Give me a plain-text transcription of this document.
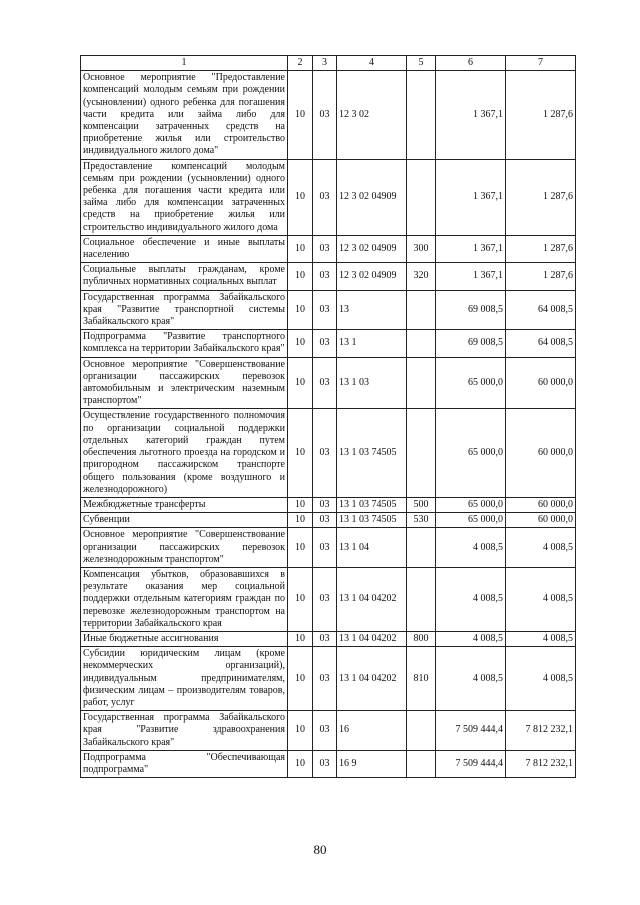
1	2	3	4	5	6	7
Основное мероприятие "Предоставление компенсаций молодым семьям при рождении (усыновлении) одного ребенка для погашения части кредита или займа либо для компенсации затраченных средств на приобретение жилья или строительство индивидуального жилого дома"	10	03	12 3 02		1 367,1	1 287,6
Предоставление компенсаций молодым семьям при рождении (усыновлении) одного ребенка для погашения части кредита или займа либо для компенсации затраченных средств на приобретение жилья или строительство индивидуального жилого дома	10	03	12 3 02 04909		1 367,1	1 287,6
Социальное обеспечение и иные выплаты населению	10	03	12 3 02 04909	300	1 367,1	1 287,6
Социальные выплаты гражданам, кроме публичных нормативных социальных выплат	10	03	12 3 02 04909	320	1 367,1	1 287,6
Государственная программа Забайкальского края "Развитие транспортной системы Забайкальского края"	10	03	13		69 008,5	64 008,5
Подпрограмма "Развитие транспортного комплекса на территории Забайкальского края"	10	03	13 1		69 008,5	64 008,5
Основное мероприятие "Совершенствование организации пассажирских перевозок автомобильным и электрическим наземным транспортом"	10	03	13 1 03		65 000,0	60 000,0
Осуществление государственного полномочия по организации социальной поддержки отдельных категорий граждан путем обеспечения льготного проезда на городском и пригородном пассажирском транспорте общего пользования (кроме воздушного и железнодорожного)	10	03	13 1 03 74505		65 000,0	60 000,0
Межбюджетные трансферты	10	03	13 1 03 74505	500	65 000,0	60 000,0
Субвенции	10	03	13 1 03 74505	530	65 000,0	60 000,0
Основное мероприятие "Совершенствование организации пассажирских перевозок железнодорожным транспортом"	10	03	13 1 04		4 008,5	4 008,5
Компенсация убытков, образовавшихся в результате оказания мер социальной поддержки отдельным категориям граждан по перевозке железнодорожным транспортом на территории Забайкальского края	10	03	13 1 04 04202		4 008,5	4 008,5
Иные бюджетные ассигнования	10	03	13 1 04 04202	800	4 008,5	4 008,5
Субсидии юридическим лицам (кроме некоммерческих организаций), индивидуальным предпринимателям, физическим лицам – производителям товаров, работ, услуг	10	03	13 1 04 04202	810	4 008,5	4 008,5
Государственная программа Забайкальского края "Развитие здравоохранения Забайкальского края"	10	03	16		7 509 444,4	7 812 232,1
Подпрограмма "Обеспечивающая подпрограмма"	10	03	16 9		7 509 444,4	7 812 232,1
80
